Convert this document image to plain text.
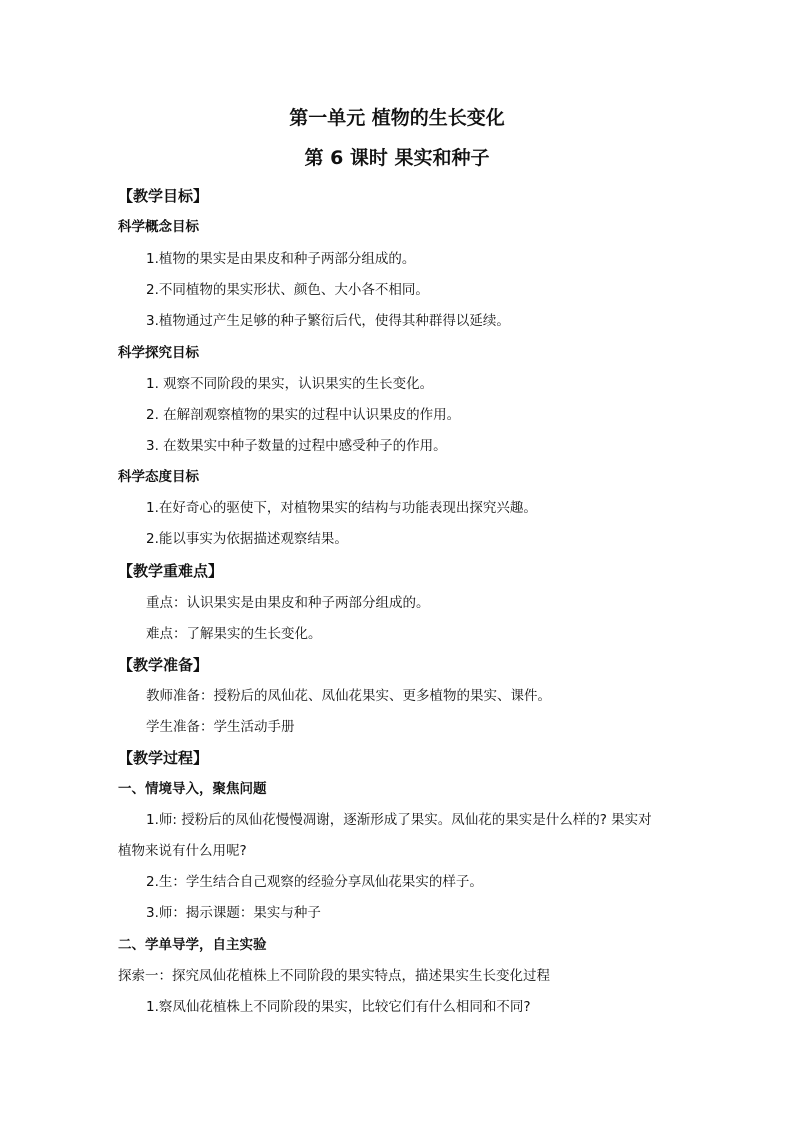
第一单元 植物的生长变化
第 6 课时 果实和种子
【教学目标】
科学概念目标
1.植物的果实是由果皮和种子两部分组成的。
2.不同植物的果实形状、颜色、大小各不相同。
3.植物通过产生足够的种子繁衍后代，使得其种群得以延续。
科学探究目标
1. 观察不同阶段的果实，认识果实的生长变化。
2. 在解剖观察植物的果实的过程中认识果皮的作用。
3. 在数果实中种子数量的过程中感受种子的作用。
科学态度目标
1.在好奇心的驱使下，对植物果实的结构与功能表现出探究兴趣。
2.能以事实为依据描述观察结果。
【教学重难点】
重点：认识果实是由果皮和种子两部分组成的。
难点：了解果实的生长变化。
【教学准备】
教师准备：授粉后的凤仙花、凤仙花果实、更多植物的果实、课件。
学生准备：学生活动手册
【教学过程】
一、情境导入，聚焦问题
1.师: 授粉后的凤仙花慢慢凋谢，逐渐形成了果实。凤仙花的果实是什么样的? 果实对
植物来说有什么用呢?
2.生：学生结合自己观察的经验分享凤仙花果实的样子。
3.师：揭示课题：果实与种子
二、学单导学，自主实验
探索一：探究凤仙花植株上不同阶段的果实特点，描述果实生长变化过程
1.察凤仙花植株上不同阶段的果实，比较它们有什么相同和不同?
